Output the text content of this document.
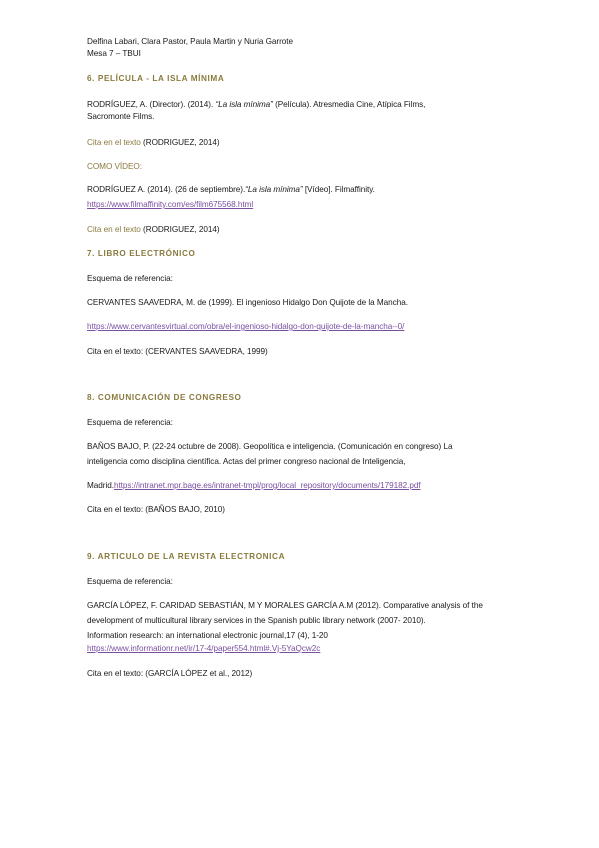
Delfina Labari, Clara Pastor, Paula Martin y Nuria Garrote
Mesa 7 – TBUI
6. PELÍCULA - LA ISLA MÍNIMA
RODRÍGUEZ, A. (Director). (2014). “La isla mínima” (Película). Atresmedia Cine, Atípica Films,
Sacromonte Films.
Cita en el texto (RODRIGUEZ, 2014)
COMO VÍDEO:
RODRÍGUEZ A. (2014). (26 de septiembre).“La isla mínima” [Vídeo]. Filmaffinity.
https://www.filmaffinity.com/es/film675568.html
Cita en el texto (RODRIGUEZ, 2014)
7. LIBRO ELECTRÓNICO
Esquema de referencia:
CERVANTES SAAVEDRA, M. de (1999). El ingenioso Hidalgo Don Quijote de la Mancha.
https://www.cervantesvirtual.com/obra/el-ingenioso-hidalgo-don-quijote-de-la-mancha--0/
Cita en el texto: (CERVANTES SAAVEDRA, 1999)
8. COMUNICACIÓN DE CONGRESO
Esquema de referencia:
BAÑOS BAJO, P. (22-24 octubre de 2008). Geopolítica e inteligencia. (Comunicación en congreso) La
inteligencia como disciplina científica. Actas del primer congreso nacional de Inteligencia,
Madrid.https://intranet.mpr.bage.es/intranet-tmpl/prog/local_repository/documents/179182.pdf
Cita en el texto: (BAÑOS BAJO, 2010)
9. ARTICULO DE LA REVISTA ELECTRONICA
Esquema de referencia:
GARCÍA LÓPEZ, F. CARIDAD SEBASTIÁN, M Y MORALES GARCÍA A.M (2012). Comparative analysis of the
development of multicultural library services in the Spanish public library network (2007- 2010).
Information research: an international electronic journal,17 (4), 1-20
https://www.informationr.net/ir/17-4/paper554.html#.Vj-5YaQcw2c
Cita en el texto: (GARCÍA LÓPEZ et al., 2012)
